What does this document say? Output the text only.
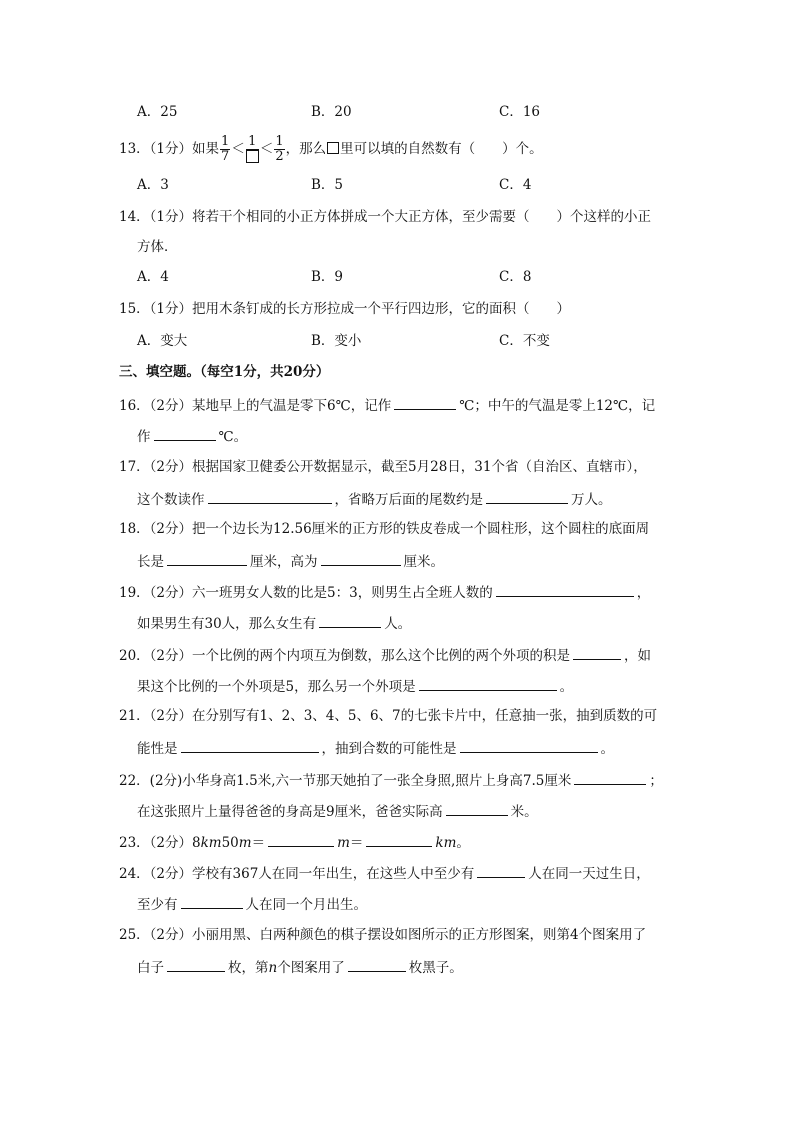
A．25	B．20	C．16
13．（1分）如果 $\frac{1}{7} < 1 < \frac{1}{2}$ ，那么 里可以填的自然数有（　　）个。
A．3	B．5	C．4
14．（1分）将若干个相同的小正方体拼成一个大正方体，至少需要（　　）个这样的小正
方体．
A．4	B．9	C．8
15．（1分）把用木条钉成的长方形拉成一个平行四边形，它的面积（　　）
A．变大	B．变小	C．不变
三、填空题。（每空1分，共20分）
16．（2分）某地早上的气温是零下6℃，记作	℃；中午的气温是零上12℃，记
作	℃。
17．（2分）根据国家卫健委公开数据显示，截至5月28日，31个省（自治区、直辖市），
这个数读作	，省略万后面的尾数约是	万人。
18．（2分）把一个边长为12.56厘米的正方形的铁皮卷成一个圆柱形，这个圆柱的底面周
长是	厘米，高为	厘米。
19．（2分）六一班男女人数的比是5：3，则男生占全班人数的	，
如果男生有30人，那么女生有	人。
20．（2分）一个比例的两个内项互为倒数，那么这个比例的两个外项的积是	，如
果这个比例的一个外项是5，那么另一个外项是	。
21．（2分）在分别写有1、2、3、4、5、6、7的七张卡片中，任意抽一张，抽到质数的可
能性是	，抽到合数的可能性是	。
22．(2分)小华身高1.5米,六一节那天她拍了一张全身照,照片上身高7.5厘米	；
在这张照片上量得爸爸的身高是9厘米，爸爸实际高	米。
23．（2分）8km50m＝	m＝	km。
24．（2分）学校有367人在同一年出生，在这些人中至少有	人在同一天过生日，
至少有	人在同一个月出生。
25．（2分）小丽用黑、白两种颜色的棋子摆设如图所示的正方形图案，则第4个图案用了
白子	枚，第n个图案用了	枚黑子。
